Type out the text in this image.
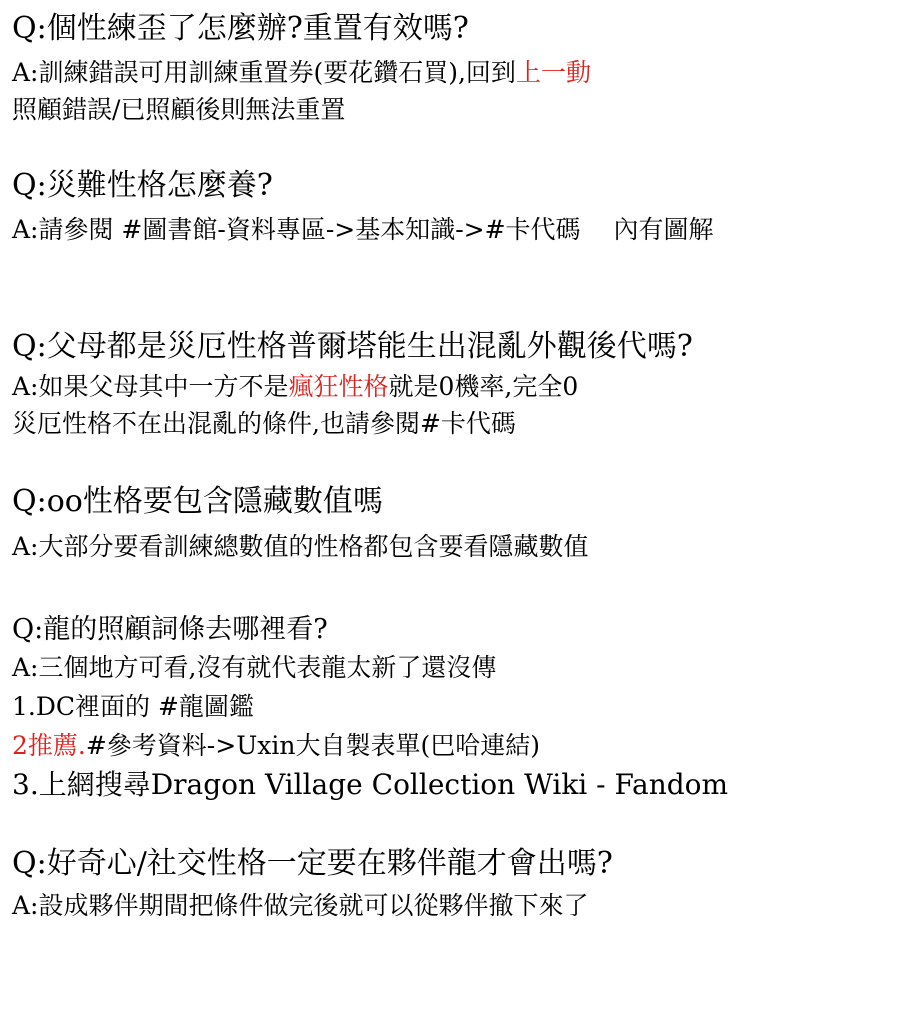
Q:個性練歪了怎麼辦?重置有效嗎?
A:訓練錯誤可用訓練重置券(要花鑽石買),回到上一動
照顧錯誤/已照顧後則無法重置
Q:災難性格怎麼養?
A:請參閱 #圖書館-資料專區->基本知識->#卡代碼　 內有圖解
Q:父母都是災厄性格普爾塔能生出混亂外觀後代嗎?
A:如果父母其中一方不是瘋狂性格就是0機率,完全0
災厄性格不在出混亂的條件,也請參閱#卡代碼
Q:oo性格要包含隱藏數值嗎
A:大部分要看訓練總數值的性格都包含要看隱藏數值
Q:龍的照顧詞條去哪裡看?
A:三個地方可看,沒有就代表龍太新了還沒傳
1.DC裡面的 #龍圖鑑
2推薦.#參考資料->Uxin大自製表單(巴哈連結)
3.上網搜尋Dragon Village Collection Wiki - Fandom
Q:好奇心/社交性格一定要在夥伴龍才會出嗎?
A:設成夥伴期間把條件做完後就可以從夥伴撤下來了
